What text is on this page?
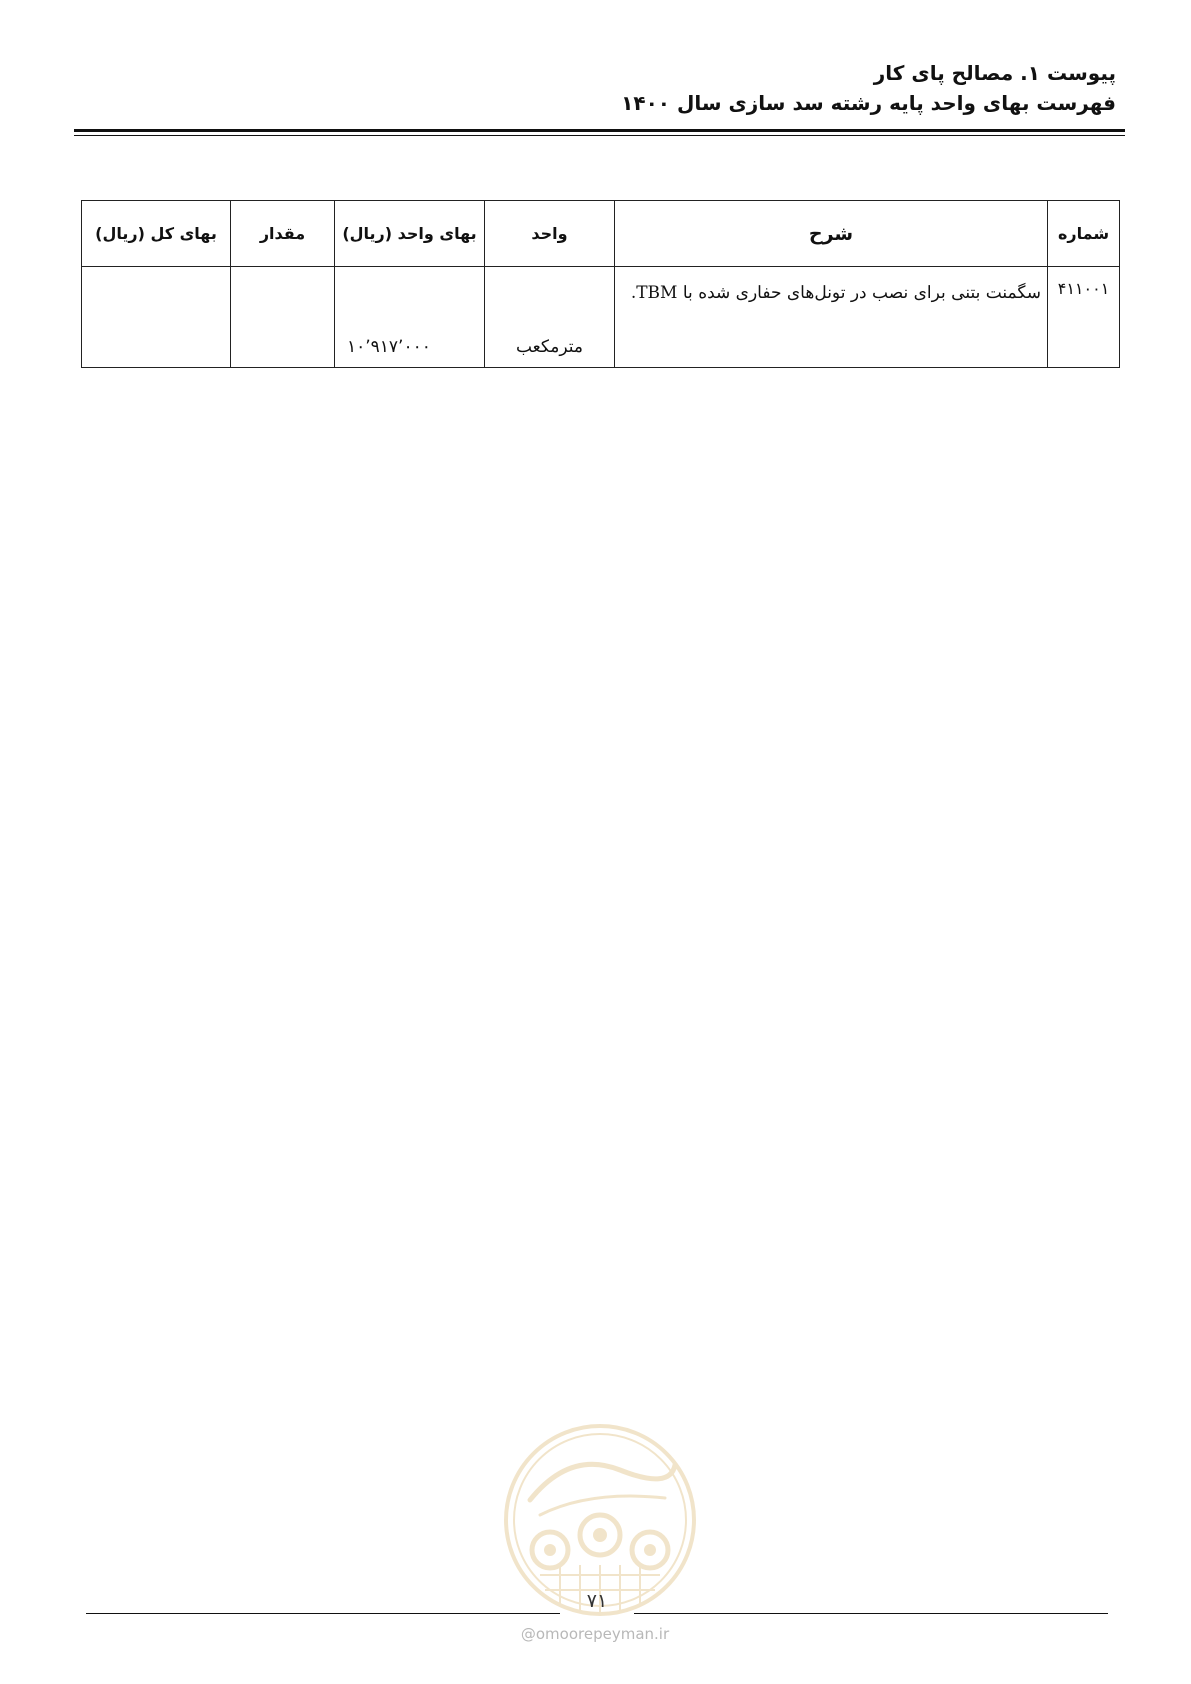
پیوست ۱. مصالح پای کار
فهرست بهای واحد پایه رشته سد سازی سال ۱۴۰۰
شماره	شرح	واحد	بهای واحد (ریال)	مقدار	بهای کل (ریال)
۴۱۱۰۰۱	سگمنت بتنی برای نصب در تونل‌های حفاری شده با TBM.	مترمکعب	۱۰٬۹۱۷٬۰۰۰		
۷۱
@omoorepeyman.ir
